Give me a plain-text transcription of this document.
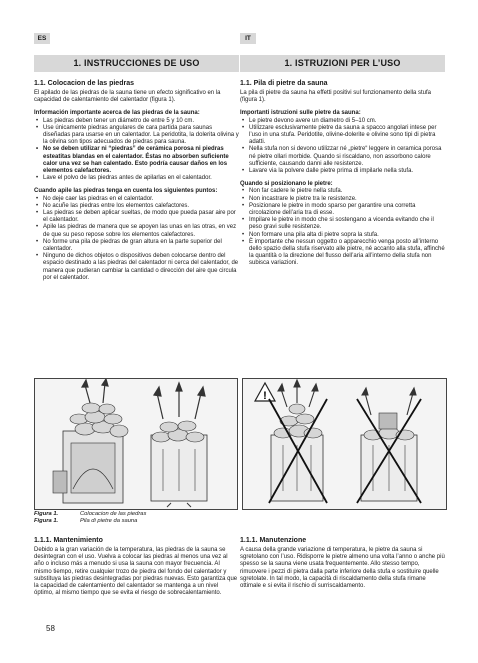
ES	IT
1. INSTRUCCIONES DE USO
1.1. Colocacion de las piedras

El apilado de las piedras de la sauna tiene un efecto significativo en la capacidad de calentamiento del calentador (figura 1).

Información importante acerca de las piedras de la sauna:

• Las piedras deben tener un diámetro de entre 5 y 10 cm.
• Use únicamente piedras angulares de cara partida para saunas diseñadas para usarse en un calentador. La peridotita, la dolerita olivina y la olivina son tipos adecuados de piedras para sauna.
• No se deben utilizar ni “piedras” de cerámica porosa ni piedras esteatitas blandas en el calentador. Éstas no absorben suficiente calor una vez se han calentado. Esto podría causar daños en los elementos calefactores.
• Lave el polvo de las piedras antes de apilarlas en el calentador.

Cuando apile las piedras tenga en cuenta los siguientes puntos:

• No deje caer las piedras en el calentador.
• No acuñe las piedras entre los elementos calefactores.
• Las piedras se deben aplicar sueltas, de modo que pueda pasar aire por el calentador.
• Apile las piedras de manera que se apoyen las unas en las otras, en vez de que su peso repose sobre los elementos calefactores.
• No forme una pila de piedras de gran altura en la parte superior del calentador.
• Ninguno de dichos objetos o dispositivos deben colocarse dentro del espacio destinado a las piedras del calentador ni cerca del calentador, de manera que pudieran cambiar la cantidad o dirección del aire que circula por el calentador.
1. ISTRUZIONI PER L’USO
1.1. Pila di pietre da sauna

La pila di pietre da sauna ha effetti positivi sul funzionamento della stufa (figura 1).

Importanti istruzioni sulle pietre da sauna:

• Le pietre devono avere un diametro di 5–10 cm.
• Utilizzare esclusivamente pietre da sauna a spacco angolari intese per l’uso in una stufa. Peridotite, olivine-dolerite e olivine sono tipi di pietra adatti.
• Nella stufa non si devono utilizzar né „pietre“ leggere in ceramica porosa né pietre ollari morbide. Quando si riscaldano, non assorbono calore sufficiente, causando danni alle resistenze.
• Lavare via la polvere dalle pietre prima di impilarle nella stufa.

Quando si posizionano le pietre:

• Non far cadere le pietre nella stufa.
• Non incastrare le pietre tra le resistenze.
• Posizionare le pietre in modo sparso per garantire una corretta circolazione dell’aria tra di esse.
• Impilare le pietre in modo che si sostengano a vicenda evitando che il peso gravi sulle resistenze.
• Non formare una pila alta di pietre sopra la stufa.
• È importante che nessun oggetto o apparecchio venga posto all’interno dello spazio della stufa riservato alle pietre, né accanto alla stufa, affinché la quantità o la direzione del flusso dell’aria all’interno della stufa non subisca variazioni.
!
Figura 1.	Colocacion de las piedras
Figura 1.	Pila di pietre da sauna
1.1.1. Mantenimiento

Debido a la gran variación de la temperatura, las piedras de la sauna se desintegran con el uso. Vuelva a colocar las piedras al menos una vez al año o incluso más a menudo si usa la sauna con mayor frecuencia. Al mismo tiempo, retire cualquier trozo de piedra del fondo del calentador y substituya las piedras desintegradas por piedras nuevas. Esto garantiza que la capacidad de calentamiento del calentador se mantenga a un nivel óptimo, al mismo tiempo que se evita el riesgo de sobrecalentamiento.

1.1.1. Manutenzione

A causa della grande variazione di temperatura, le pietre da sauna si sgretolano con l’uso. Ridisporre le pietre almeno una volta l’anno o anche più spesso se la sauna viene usata frequentemente. Allo stesso tempo, rimuovere i pezzi di pietra dalla parte inferiore della stufa e sostituire quelle sgretolate. In tal modo, la capacità di riscaldamento della stufa rimane ottimale e si evita il rischio di surriscaldamento.

58
